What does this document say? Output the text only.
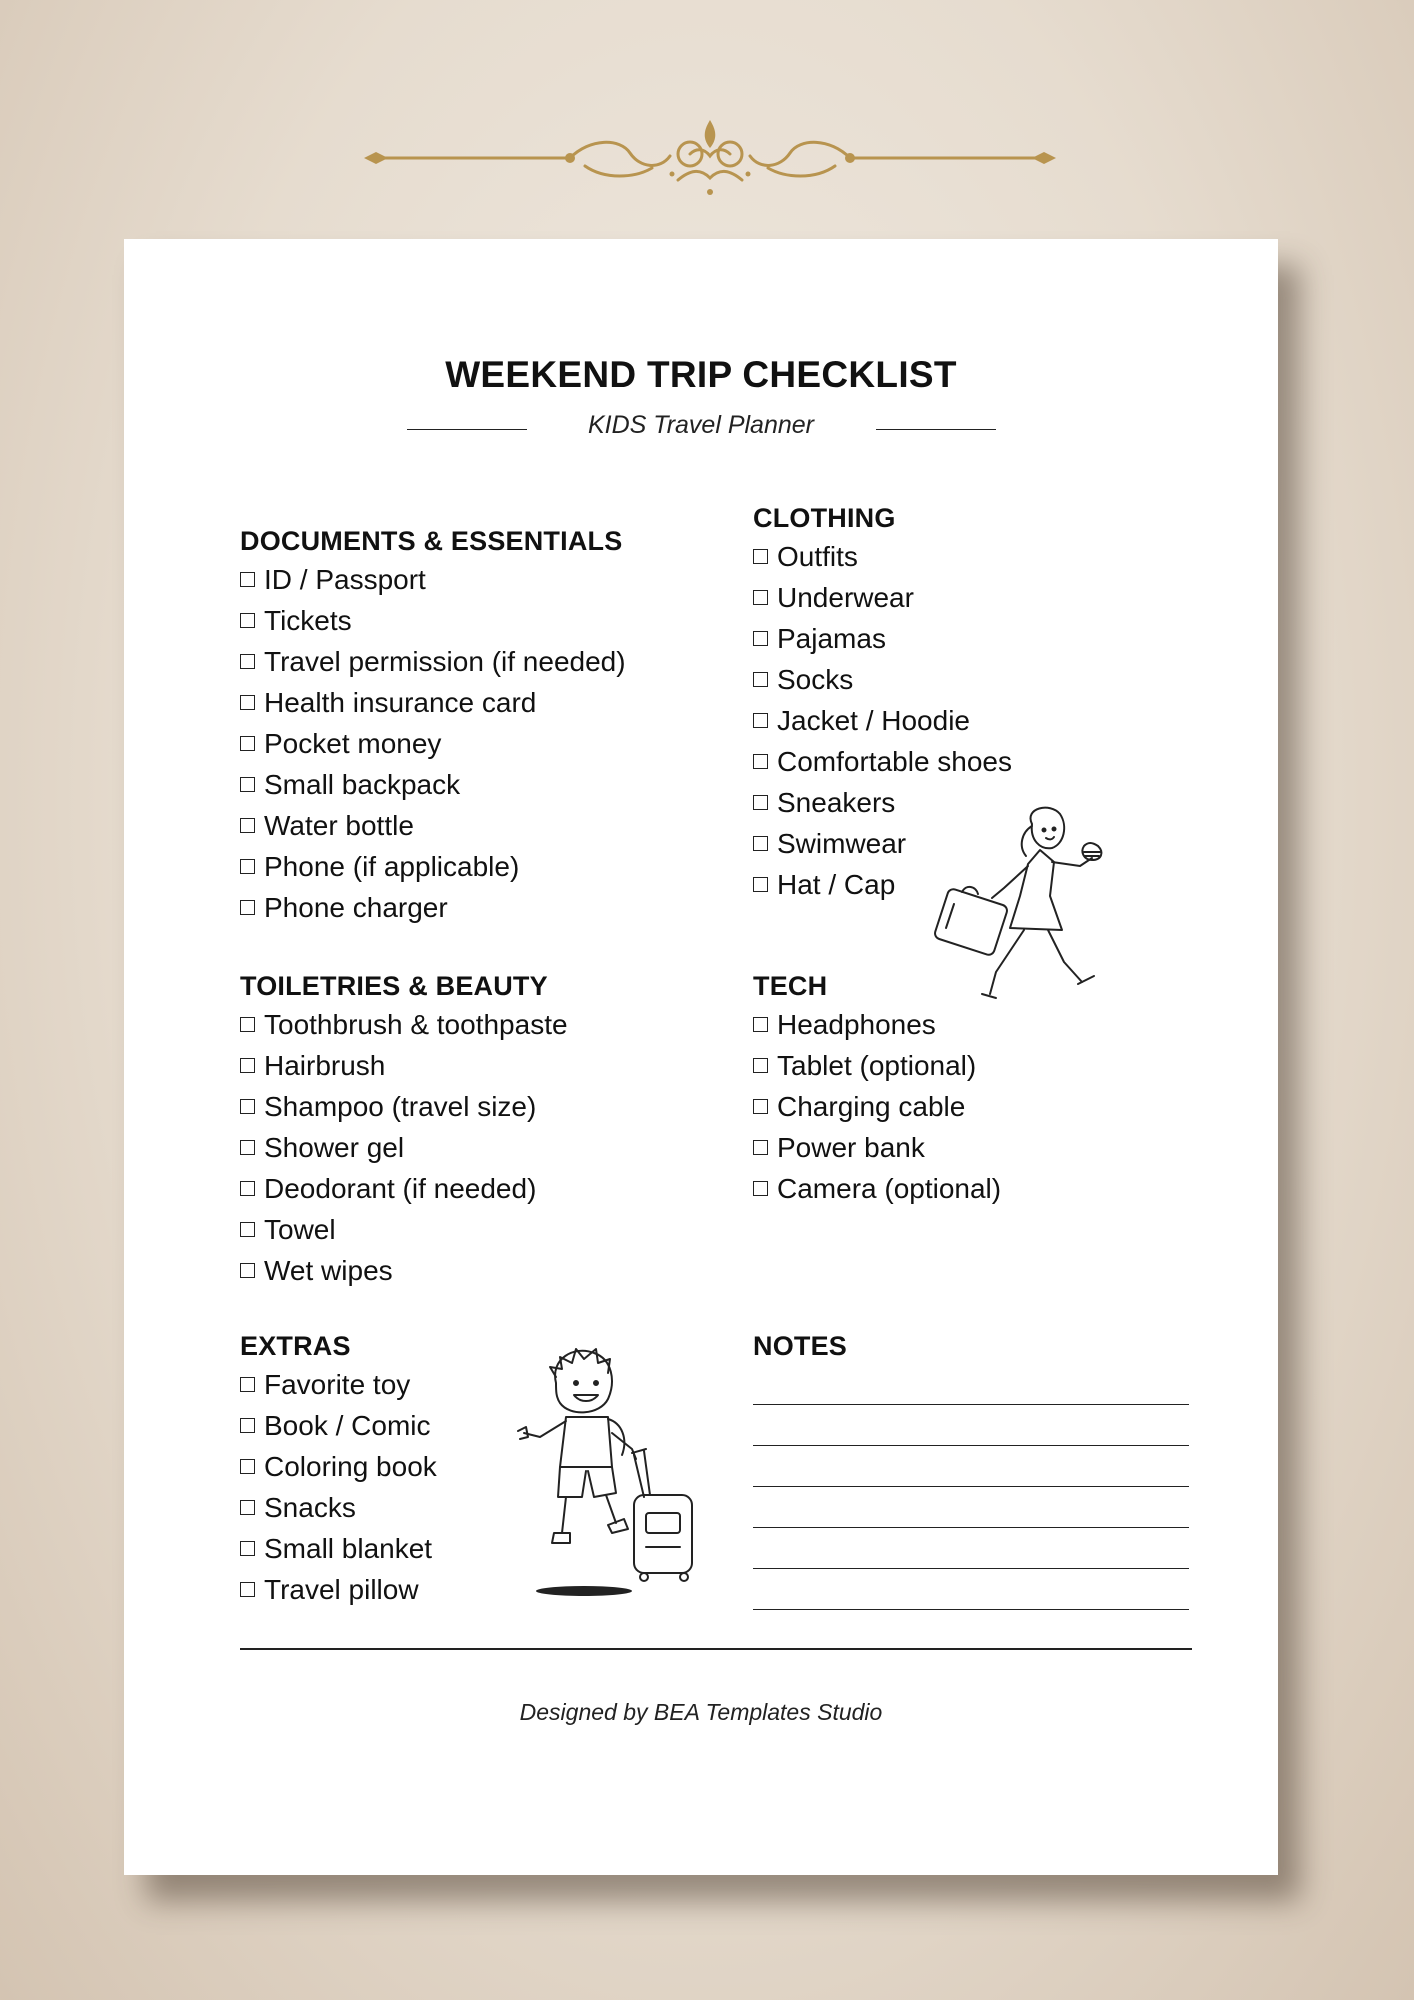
WEEKEND TRIP CHECKLIST
KIDS Travel Planner
DOCUMENTS & ESSENTIALS
ID / Passport
Tickets
Travel permission (if needed)
Health insurance card
Pocket money
Small backpack
Water bottle
Phone (if applicable)
Phone charger
CLOTHING
Outfits
Underwear
Pajamas
Socks
Jacket / Hoodie
Comfortable shoes
Sneakers
Swimwear
Hat / Cap
TOILETRIES & BEAUTY
Toothbrush & toothpaste
Hairbrush
Shampoo (travel size)
Shower gel
Deodorant (if needed)
Towel
Wet wipes
TECH
Headphones
Tablet (optional)
Charging cable
Power bank
Camera (optional)
EXTRAS
Favorite toy
Book / Comic
Coloring book
Snacks
Small blanket
Travel pillow
NOTES
Designed by BEA Templates Studio
